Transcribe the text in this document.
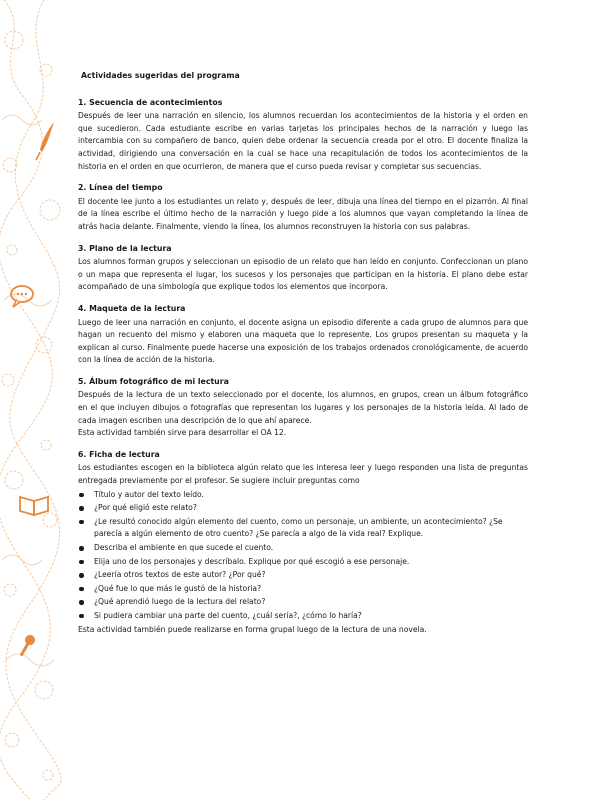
Actividades sugeridas del programa
1. Secuencia de acontecimientos

Después de leer una narración en silencio, los alumnos recuerdan los acontecimientos de la historia y el orden en que sucedieron. Cada estudiante escribe en varias tarjetas los principales hechos de la narración y luego las intercambia con su compañero de banco, quien debe ordenar la secuencia creada por el otro. El docente finaliza la actividad, dirigiendo una conversación en la cual se hace una recapitulación de todos los acontecimientos de la historia en el orden en que ocurrieron, de manera que el curso pueda revisar y completar sus secuencias.

2. Línea del tiempo

El docente lee junto a los estudiantes un relato y, después de leer, dibuja una línea del tiempo en el pizarrón. Al final de la línea escribe el último hecho de la narración y luego pide a los alumnos que vayan completando la línea de atrás hacia delante. Finalmente, viendo la línea, los alumnos reconstruyen la historia con sus palabras.

3. Plano de la lectura

Los alumnos forman grupos y seleccionan un episodio de un relato que han leído en conjunto. Confeccionan un plano o un mapa que representa el lugar, los sucesos y los personajes que participan en la historia. El plano debe estar acompañado de una simbología que explique todos los elementos que incorpora.

4. Maqueta de la lectura

Luego de leer una narración en conjunto, el docente asigna un episodio diferente a cada grupo de alumnos para que hagan un recuento del mismo y elaboren una maqueta que lo represente. Los grupos presentan su maqueta y la explican al curso. Finalmente puede hacerse una exposición de los trabajos ordenados cronológicamente, de acuerdo con la línea de acción de la historia.

5. Álbum fotográfico de mi lectura

Después de la lectura de un texto seleccionado por el docente, los alumnos, en grupos, crean un álbum fotográfico en el que incluyen dibujos o fotografías que representan los lugares y los personajes de la historia leída. Al lado de cada imagen escriben una descripción de lo que ahí aparece.

Esta actividad también sirve para desarrollar el OA 12.

6. Ficha de lectura

Los estudiantes escogen en la biblioteca algún relato que les interesa leer y luego responden una lista de preguntas entregada previamente por el profesor. Se sugiere incluir preguntas como

Título y autor del texto leído.
¿Por qué eligió este relato?
¿Le resultó conocido algún elemento del cuento, como un personaje, un ambiente, un acontecimiento? ¿Se parecía a algún elemento de otro cuento? ¿Se parecía a algo de la vida real? Explique.
Describa el ambiente en que sucede el cuento.
Elija uno de los personajes y descríbalo. Explique por qué escogió a ese personaje.
¿Leería otros textos de este autor? ¿Por qué?
¿Qué fue lo que más le gustó de la historia?
¿Qué aprendió luego de la lectura del relato?
Si pudiera cambiar una parte del cuento, ¿cuál sería?, ¿cómo lo haría?

Esta actividad también puede realizarse en forma grupal luego de la lectura de una novela.
